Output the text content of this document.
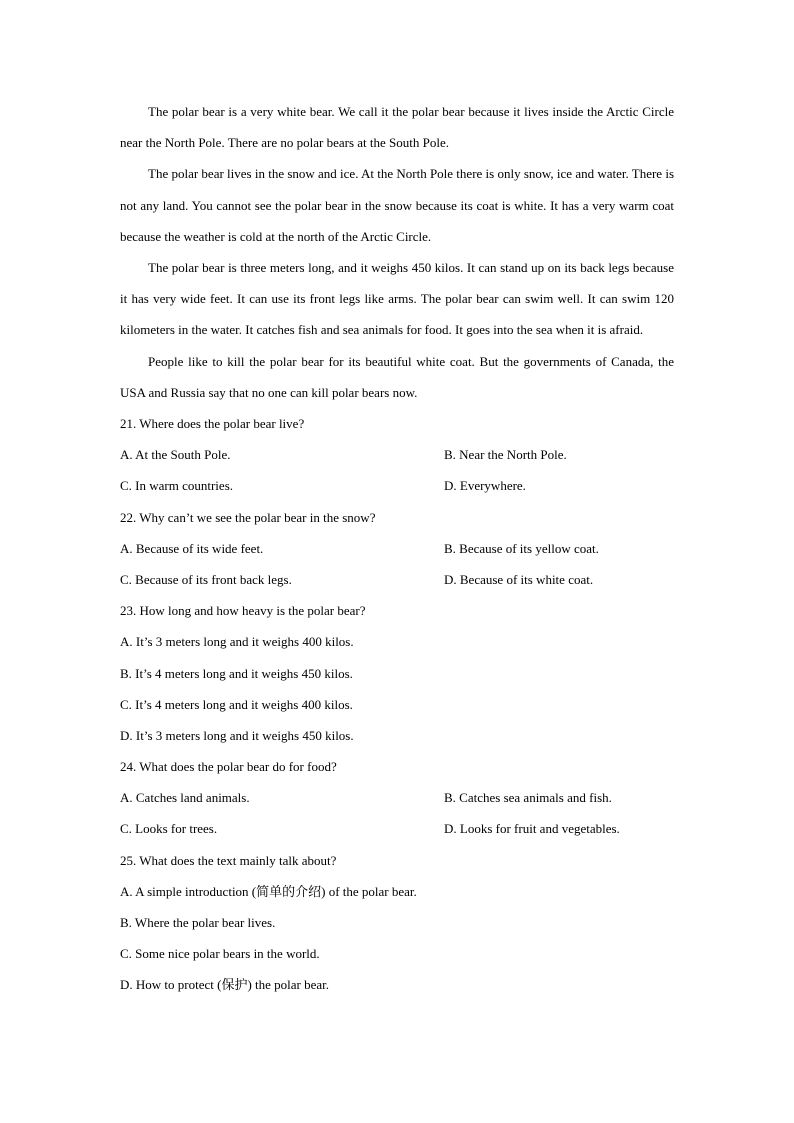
The polar bear is a very white bear. We call it the polar bear because it lives inside the Arctic Circle near the North Pole. There are no polar bears at the South Pole.

The polar bear lives in the snow and ice. At the North Pole there is only snow, ice and water. There is not any land. You cannot see the polar bear in the snow because its coat is white. It has a very warm coat because the weather is cold at the north of the Arctic Circle.

The polar bear is three meters long, and it weighs 450 kilos. It can stand up on its back legs because it has very wide feet. It can use its front legs like arms. The polar bear can swim well. It can swim 120 kilometers in the water. It catches fish and sea animals for food. It goes into the sea when it is afraid.

People like to kill the polar bear for its beautiful white coat. But the governments of Canada, the USA and Russia say that no one can kill polar bears now.

21. Where does the polar bear live?
A. At the South Pole.	B. Near the North Pole.
C. In warm countries.	D. Everywhere.
22. Why can’t we see the polar bear in the snow?
A. Because of its wide feet.	B. Because of its yellow coat.
C. Because of its front back legs.	D. Because of its white coat.
23. How long and how heavy is the polar bear?
A. It’s 3 meters long and it weighs 400 kilos.
B. It’s 4 meters long and it weighs 450 kilos.
C. It’s 4 meters long and it weighs 400 kilos.
D. It’s 3 meters long and it weighs 450 kilos.
24. What does the polar bear do for food?
A. Catches land animals.	B. Catches sea animals and fish.
C. Looks for trees.	D. Looks for fruit and vegetables.
25. What does the text mainly talk about?
A. A simple introduction (简单的介绍) of the polar bear.
B. Where the polar bear lives.
C. Some nice polar bears in the world.
D. How to protect (保护) the polar bear.
